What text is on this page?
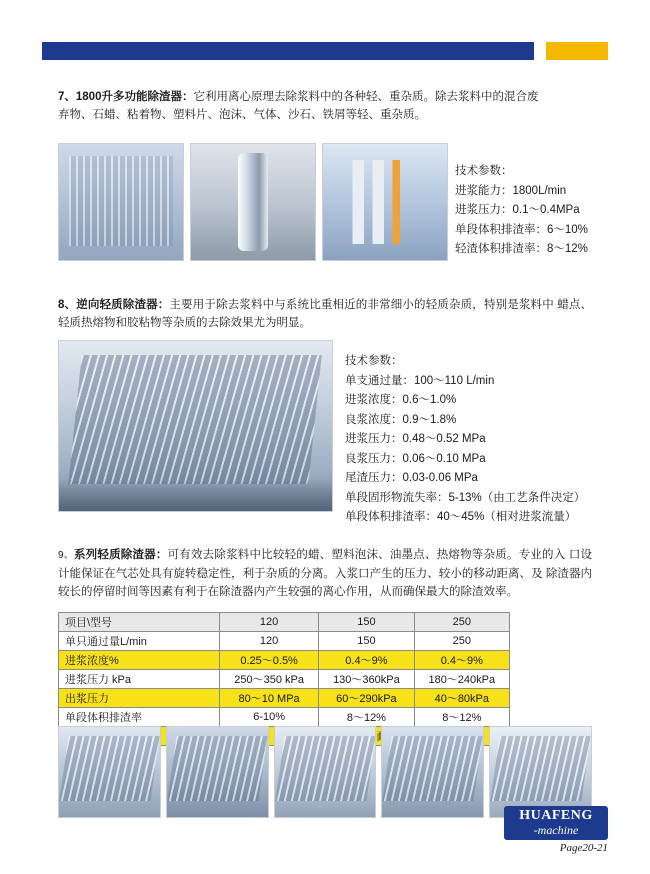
7、1800升多功能除渣器：它利用离心原理去除浆料中的各种轻、重杂质。除去浆料中的混合废
弃物、石蜡、粘着物、塑料片、泡沫、气体、沙石、铁屑等轻、重杂质。
技术参数：
进浆能力：1800L/min
进浆压力：0.1～0.4MPa
单段体积排渣率：6～10%
轻渣体积排渣率：8～12%
8、逆向轻质除渣器：主要用于除去浆料中与系统比重相近的非常细小的轻质杂质，特别是浆料中 蜡点、轻质热熔物和胶粘物等杂质的去除效果尤为明显。
技术参数：
单支通过量：100～110 L/min
进浆浓度：0.6～1.0%
良浆浓度：0.9～1.8%
进浆压力：0.48～0.52 MPa
良浆压力：0.06～0.10 MPa
尾渣压力：0.03-0.06 MPa
单段固形物流失率：5-13%（由工艺条件决定）
单段体积排渣率：40～45%（相对进浆流量）
9、系列轻质除渣器：可有效去除浆料中比较轻的蜡、塑料泡沫、油墨点、热熔物等杂质。专业的入 口设计能保证在气芯处具有旋转稳定性，利于杂质的分离。入浆口产生的压力、较小的移动距离、及 除渣器内较长的停留时间等因素有利于在除渣器内产生较强的离心作用，从而确保最大的除渣效率。
项目\型号	120	150	250
单只通过量L/min	120	150	250
进浆浓度%	0.25～0.5%	0.4～9%	0.4～9%
进浆压力 kPa	250～350 kPa	130～360kPa	180～240kPa
出浆压力	80～10 MPa	60～290kPa	40～80kPa
单段体积排渣率	6-10%	8～12%	8～12%

HUAFENG
-machine
Page20-21
